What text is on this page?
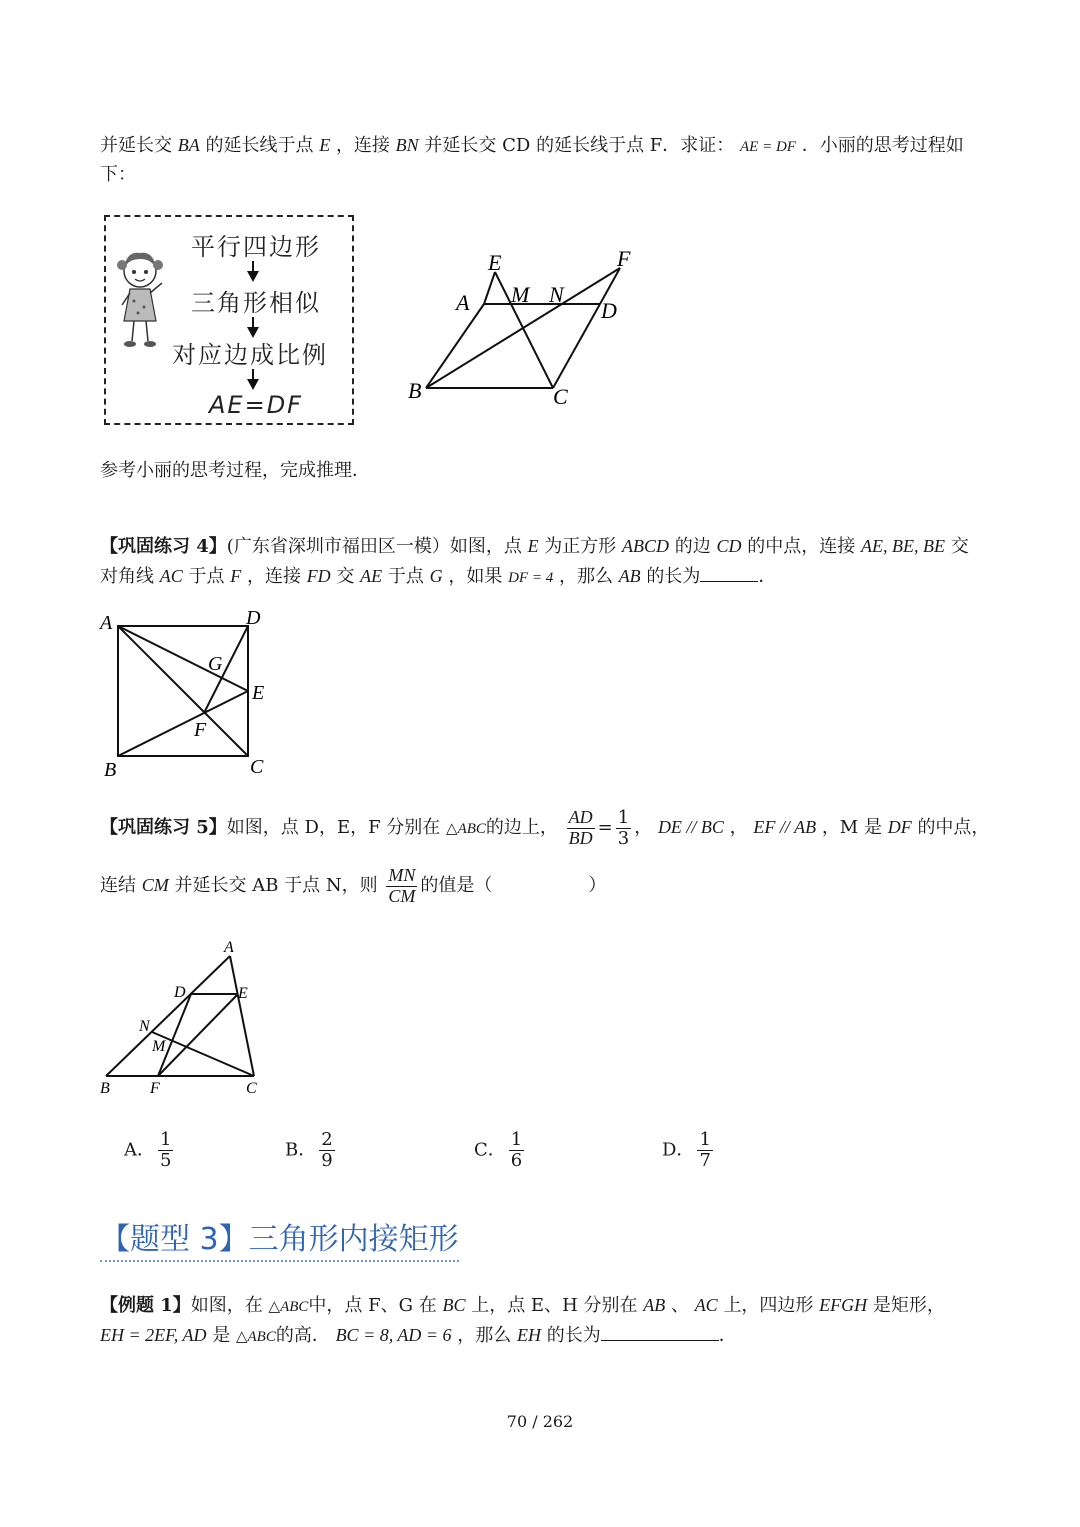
并延长交 BA 的延长线于点 E ，连接 BN 并延长交 CD 的延长线于点 F．求证： AE = DF ．小丽的思考过程如
下：
平行四边形
三角形相似
对应边成比例
AE=DF
E	F
A M N
D
B	C
参考小丽的思考过程，完成推理．
【巩固练习 4】(广东省深圳市福田区一模）如图，点 E 为正方形 ABCD 的边 CD 的中点，连接 AE, BE, BE 交
对角线 AC 于点 F ，连接 FD 交 AE 于点 G ，如果 DF = 4 ，那么 AB 的长为	．
A	D
G
E
F
B	C
【巩固练习 5】如图，点 D，E，F 分别在 △ABC的边上， $\frac{AD}{BD} = \frac{1}{3}$ ， DE // BC ， EF // AB ，M 是 DF 的中点，
连结 CM 并延长交 AB 于点 N，则 $\frac{MN}{CM}$ 的值是（	）
A
D	E
N
M
B	F	C
A． $\frac{1}{5}$	B． $\frac{2}{9}$	C． $\frac{1}{6}$	D． $\frac{1}{7}$
【题型 3】三角形内接矩形
【例题 1】如图，在 △ABC中，点 F、G 在 BC 上，点 E、H 分别在 AB 、 AC 上，四边形 EFGH 是矩形，
EH = 2EF, AD 是 △ABC的高． BC = 8, AD = 6 ，那么 EH 的长为	．
70 / 262
